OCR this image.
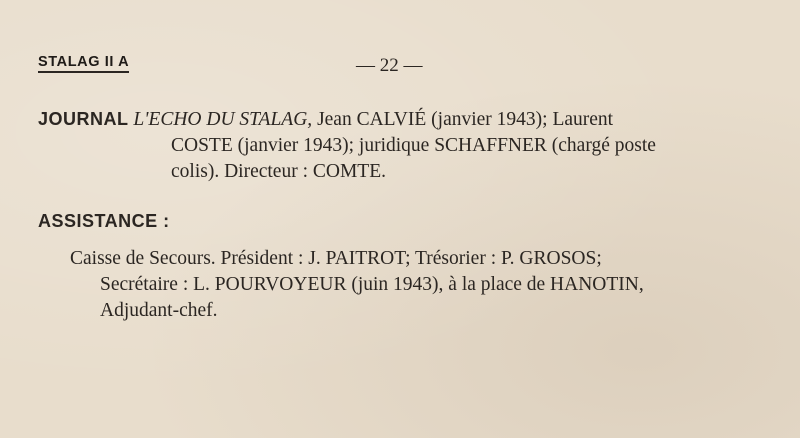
STALAG II A	— 22 —
JOURNAL L'ECHO DU STALAG, Jean CALVIÉ (janvier 1943); Laurent
COSTE (janvier 1943); juridique SCHAFFNER (chargé poste
colis). Directeur : COMTE.
ASSISTANCE :
Caisse de Secours. Président : J. PAITROT; Trésorier : P. GROSOS;
Secrétaire : L. POURVOYEUR (juin 1943), à la place de HANOTIN,
Adjudant-chef.
